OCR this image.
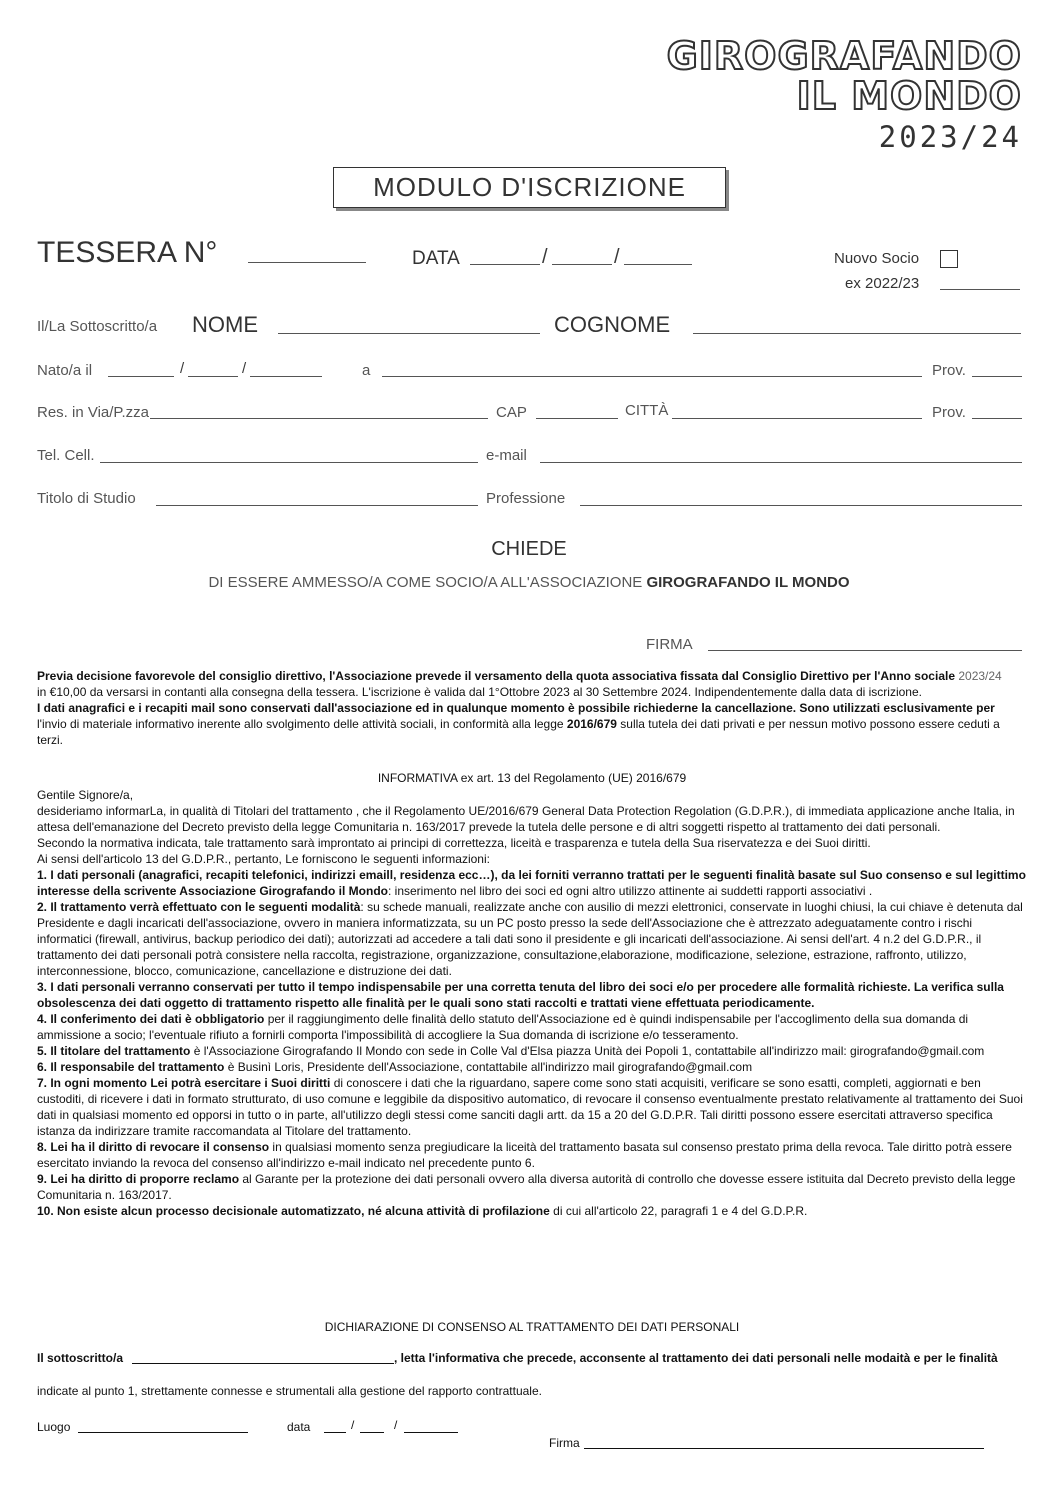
GIROGRAFANDO
IL MONDO
2023/24
MODULO D'ISCRIZIONE
TESSERA N°	DATA	/	/	Nuovo Socio
ex 2022/23
Il/La Sottoscritto/a NOME	COGNOME
Nato/a il	/	/	a	Prov.
Res. in Via/P.zza	CAP	CITTÀ	Prov.
Tel. Cell.	e-mail
Titolo di Studio	Professione
CHIEDE
DI ESSERE AMMESSO/A COME SOCIO/A ALL'ASSOCIAZIONE GIROGRAFANDO IL MONDO
FIRMA

Previa decisione favorevole del consiglio direttivo, l'Associazione prevede il versamento della quota associativa fissata dal Consiglio Direttivo per l'Anno sociale 2023/24

in €10,00 da versarsi in contanti alla consegna della tessera. L'iscrizione è valida dal 1°Ottobre 2023 al 30 Settembre 2024. Indipendentemente dalla data di iscrizione.

I dati anagrafici e i recapiti mail sono conservati dall'associazione ed in qualunque momento è possibile richiederne la cancellazione. Sono utilizzati esclusivamente per

l'invio di materiale informativo inerente allo svolgimento delle attività sociali, in conformità alla legge 2016/679 sulla tutela dei dati privati e per nessun motivo possono essere ceduti a terzi.

INFORMATIVA ex art. 13 del Regolamento (UE) 2016/679

Gentile Signore/a,

desideriamo informarLa, in qualità di Titolari del trattamento , che il Regolamento UE/2016/679 General Data Protection Regolation (G.D.P.R.), di immediata applicazione anche Italia, in attesa dell'emanazione del Decreto previsto della legge Comunitaria n. 163/2017 prevede la tutela delle persone e di altri soggetti rispetto al trattamento dei dati personali.

Secondo la normativa indicata, tale trattamento sarà improntato ai principi di correttezza, liceità e trasparenza e tutela della Sua riservatezza e dei Suoi diritti.

Ai sensi dell'articolo 13 del G.D.P.R., pertanto, Le forniscono le seguenti informazioni:

1. I dati personali (anagrafici, recapiti telefonici, indirizzi emaill, residenza ecc…), da lei forniti verranno trattati per le seguenti finalità basate sul Suo consenso e sul legittimo interesse della scrivente Associazione Girografando il Mondo: inserimento nel libro dei soci ed ogni altro utilizzo attinente ai suddetti rapporti associativi .

2. Il trattamento verrà effettuato con le seguenti modalità: su schede manuali, realizzate anche con ausilio di mezzi elettronici, conservate in luoghi chiusi, la cui chiave è detenuta dal Presidente e dagli incaricati dell'associazione, ovvero in maniera informatizzata, su un PC posto presso la sede dell'Associazione che è attrezzato adeguatamente contro i rischi informatici (firewall, antivirus, backup periodico dei dati); autorizzati ad accedere a tali dati sono il presidente e gli incaricati dell'associazione. Ai sensi dell'art. 4 n.2 del G.D.P.R., il trattamento dei dati personali potrà consistere nella raccolta, registrazione, organizzazione, consultazione,elaborazione, modificazione, selezione, estrazione, raffronto, utilizzo, interconnessione, blocco, comunicazione, cancellazione e distruzione dei dati.

3. I dati personali verranno conservati per tutto il tempo indispensabile per una corretta tenuta del libro dei soci e/o per procedere alle formalità richieste. La verifica sulla obsolescenza dei dati oggetto di trattamento rispetto alle finalità per le quali sono stati raccolti e trattati viene effettuata periodicamente.

4. Il conferimento dei dati è obbligatorio per il raggiungimento delle finalità dello statuto dell'Associazione ed è quindi indispensabile per l'accoglimento della sua domanda di ammissione a socio; l'eventuale rifiuto a fornirli comporta l'impossibilità di accogliere la Sua domanda di iscrizione e/o tesseramento.

5. Il titolare del trattamento è l'Associazione Girografando Il Mondo con sede in Colle Val d'Elsa piazza Unità dei Popoli 1, contattabile all'indirizzo mail: girografando@gmail.com

6. Il responsabile del trattamento è Businì Loris, Presidente dell'Associazione, contattabile all'indirizzo mail girografando@gmail.com

7. In ogni momento Lei potrà esercitare i Suoi diritti di conoscere i dati che la riguardano, sapere come sono stati acquisiti, verificare se sono esatti, completi, aggiornati e ben custoditi, di ricevere i dati in formato strutturato, di uso comune e leggibile da dispositivo automatico, di revocare il consenso eventualmente prestato relativamente al trattamento dei Suoi dati in qualsiasi momento ed opporsi in tutto o in parte, all'utilizzo degli stessi come sanciti dagli artt. da 15 a 20 del G.D.P.R. Tali diritti possono essere esercitati attraverso specifica istanza da indirizzare tramite raccomandata al Titolare del trattamento.

8. Lei ha il diritto di revocare il consenso in qualsiasi momento senza pregiudicare la liceità del trattamento basata sul consenso prestato prima della revoca. Tale diritto potrà essere esercitato inviando la revoca del consenso all'indirizzo e-mail indicato nel precedente punto 6.

9. Lei ha diritto di proporre reclamo al Garante per la protezione dei dati personali ovvero alla diversa autorità di controllo che dovesse essere istituita dal Decreto previsto della legge Comunitaria n. 163/2017.

10. Non esiste alcun processo decisionale automatizzato, né alcuna attività di profilazione di cui all'articolo 22, paragrafi 1 e 4 del G.D.P.R.

DICHIARAZIONE DI CONSENSO AL TRATTAMENTO DEI DATI PERSONALI
Il sottoscritto/a	, letta l'informativa che precede, acconsente al trattamento dei dati personali nelle modaità e per le finalità
indicate al punto 1, strettamente connesse e strumentali alla gestione del rapporto contrattuale.
Luogo	data	/	/
Firma
